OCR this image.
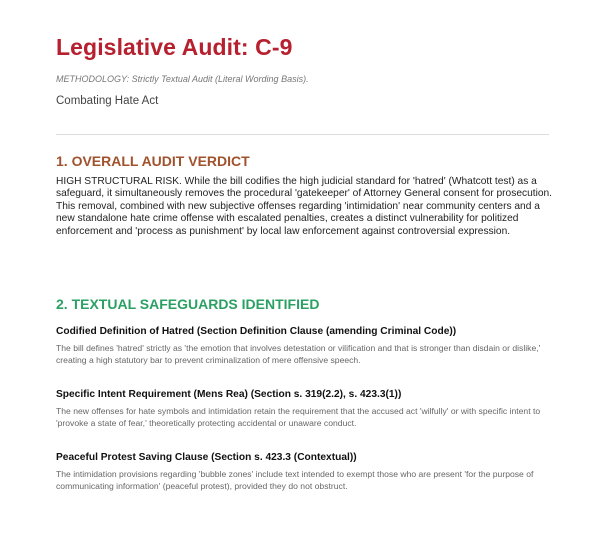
Legislative Audit: C-9
METHODOLOGY: Strictly Textual Audit (Literal Wording Basis).
Combating Hate Act
1. OVERALL AUDIT VERDICT
HIGH STRUCTURAL RISK. While the bill codifies the high judicial standard for 'hatred' (Whatcott test) as a safeguard, it simultaneously removes the procedural 'gatekeeper' of Attorney General consent for prosecution. This removal, combined with new subjective offenses regarding 'intimidation' near community centers and a new standalone hate crime offense with escalated penalties, creates a distinct vulnerability for politized enforcement and 'process as punishment' by local law enforcement against controversial expression.
2. TEXTUAL SAFEGUARDS IDENTIFIED
Codified Definition of Hatred (Section Definition Clause (amending Criminal Code))
The bill defines 'hatred' strictly as 'the emotion that involves detestation or vilification and that is stronger than disdain or dislike,' creating a high statutory bar to prevent criminalization of mere offensive speech.
Specific Intent Requirement (Mens Rea) (Section s. 319(2.2), s. 423.3(1))
The new offenses for hate symbols and intimidation retain the requirement that the accused act 'wilfully' or with specific intent to 'provoke a state of fear,' theoretically protecting accidental or unaware conduct.
Peaceful Protest Saving Clause (Section s. 423.3 (Contextual))
The intimidation provisions regarding 'bubble zones' include text intended to exempt those who are present 'for the purpose of communicating information' (peaceful protest), provided they do not obstruct.
